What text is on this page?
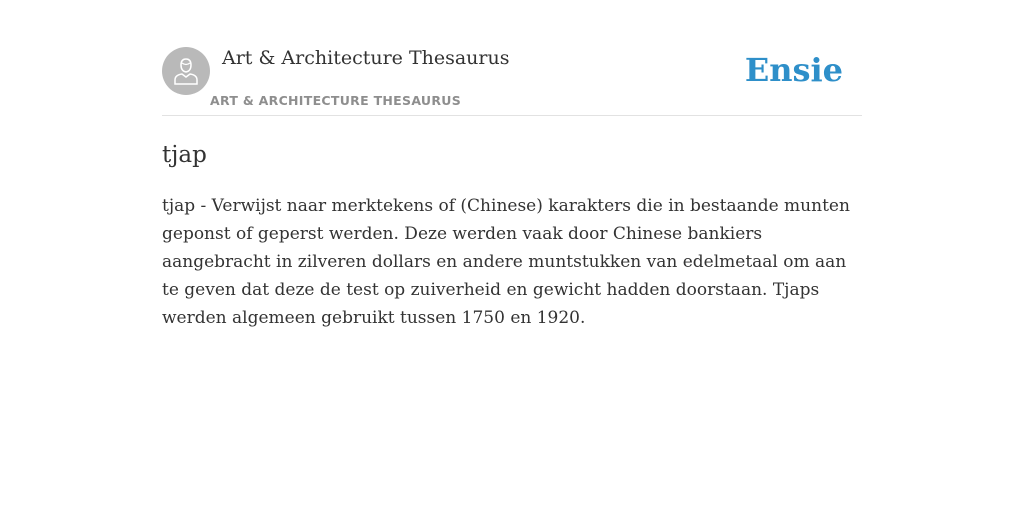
Art & Architecture Thesaurus
ART & ARCHITECTURE THESAURUS
Ensie
tjap

tjap - Verwijst naar merktekens of (Chinese) karakters die in bestaande munten geponst of geperst werden. Deze werden vaak door Chinese bankiers aangebracht in zilveren dollars en andere muntstukken van edelmetaal om aan te geven dat deze de test op zuiverheid en gewicht hadden doorstaan. Tjaps werden algemeen gebruikt tussen 1750 en 1920.
